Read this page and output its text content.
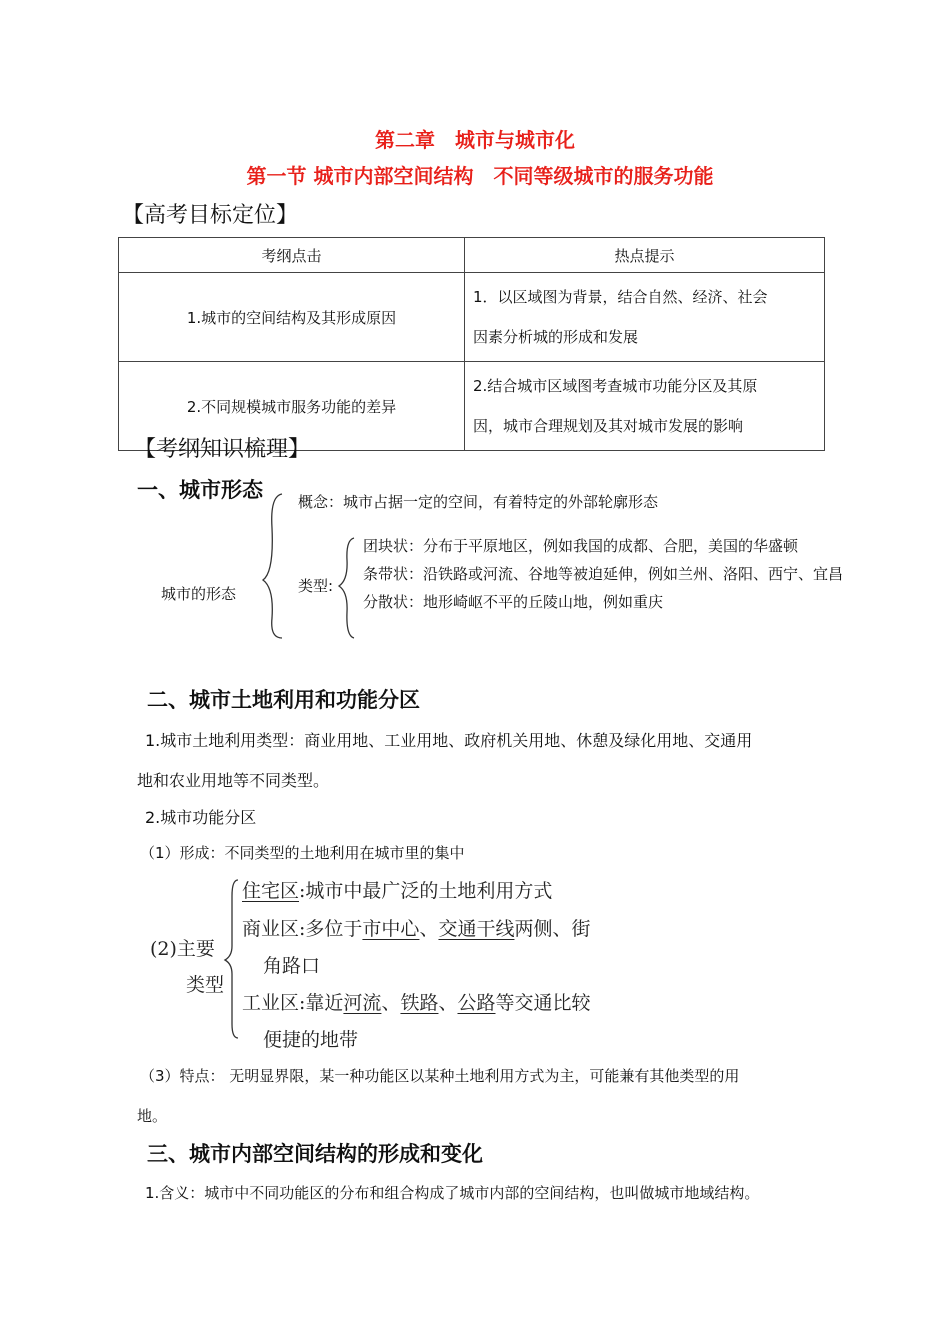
第二章　城市与城市化
第一节 城市内部空间结构　不同等级城市的服务功能
【高考目标定位】
考纲点击	热点提示
1.城市的空间结构及其形成原因	1．以区域图为背景，结合自然、经济、社会
因素分析城的形成和发展

2.不同规模城市服务功能的差异	2.结合城市区域图考查城市功能分区及其原
因，城市合理规划及其对城市发展的影响
【考纲知识梳理】
一、城市形态
城市的形态
概念：城市占据一定的空间，有着特定的外部轮廓形态
类型:
团块状：分布于平原地区，例如我国的成都、合肥，美国的华盛顿
条带状：沿铁路或河流、谷地等被迫延伸，例如兰州、洛阳、西宁、宜昌
分散状：地形崎岖不平的丘陵山地，例如重庆
二、城市土地利用和功能分区
1.城市土地利用类型：商业用地、工业用地、政府机关用地、休憩及绿化用地、交通用
地和农业用地等不同类型。
2.城市功能分区
（1）形成：不同类型的土地利用在城市里的集中
(2)主要
类型
住宅区:城市中最广泛的土地利用方式
商业区:多位于市中心、交通干线两侧、街
角路口
工业区:靠近河流、铁路、公路等交通比较
便捷的地带
（3）特点： 无明显界限，某一种功能区以某种土地利用方式为主，可能兼有其他类型的用
地。
三、城市内部空间结构的形成和变化
1.含义：城市中不同功能区的分布和组合构成了城市内部的空间结构，也叫做城市地域结构。
